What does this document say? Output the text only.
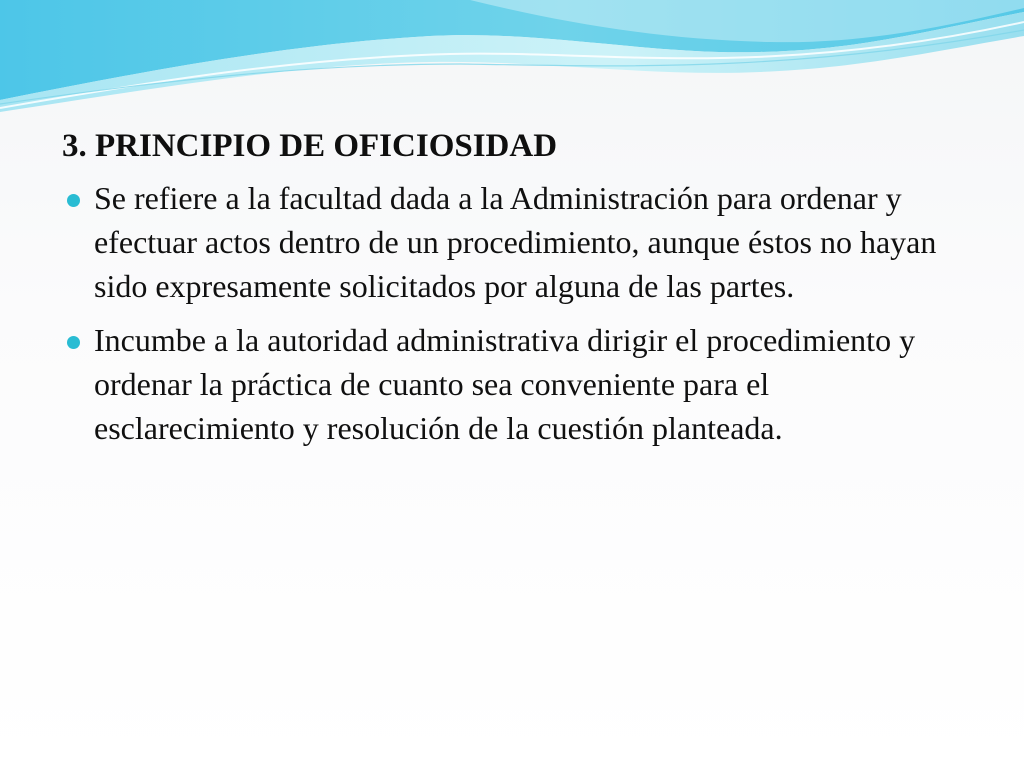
3. PRINCIPIO DE OFICIOSIDAD
Se refiere a la facultad dada a la Administración para ordenar y efectuar actos dentro de un procedimiento, aunque éstos no hayan sido expresamente solicitados por alguna de las partes.
Incumbe a la autoridad administrativa dirigir el procedimiento y ordenar la práctica de cuanto sea conveniente para el esclarecimiento y resolución de la cuestión planteada.
